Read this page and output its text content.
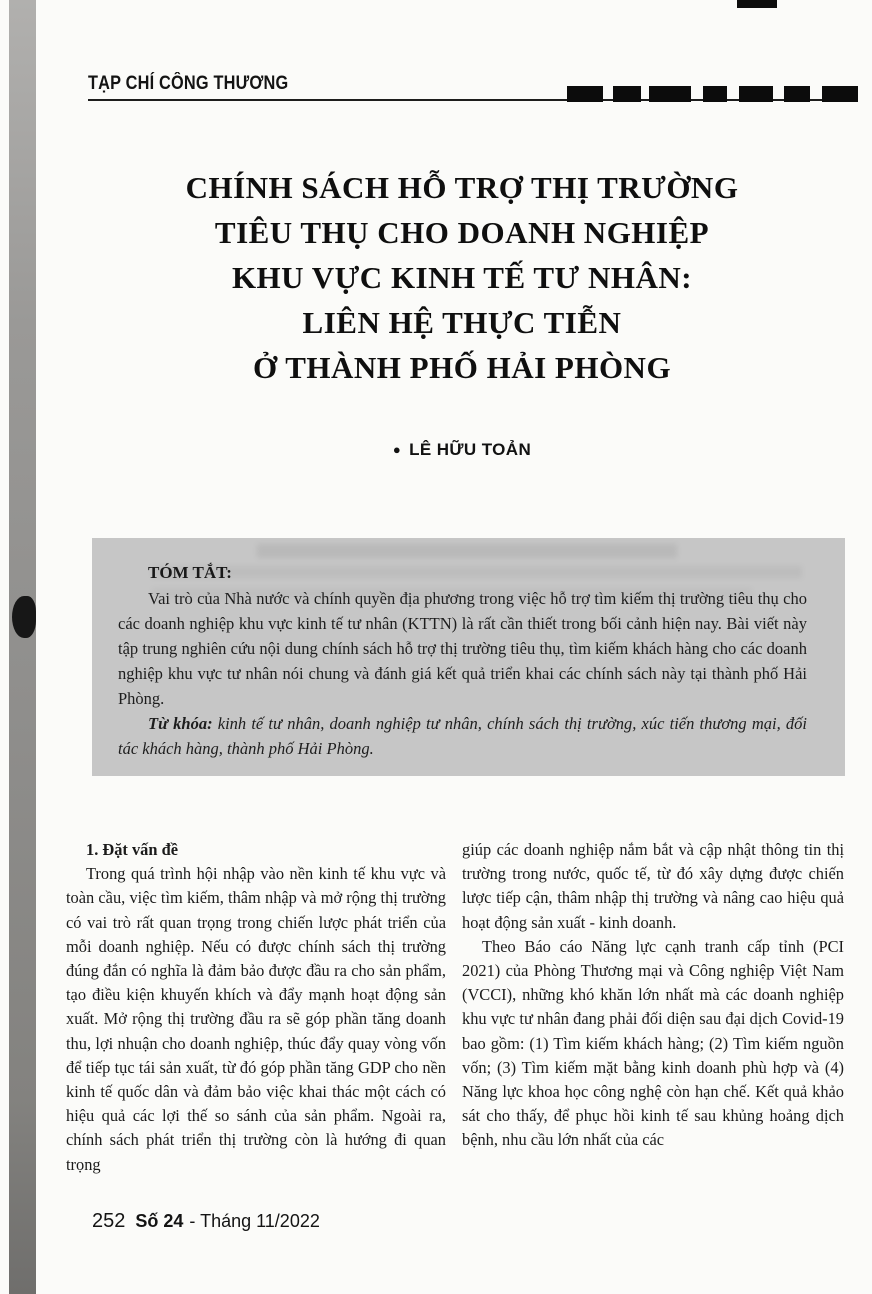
TẠP CHÍ CÔNG THƯƠNG
CHÍNH SÁCH HỖ TRỢ THỊ TRƯỜNG
TIÊU THỤ CHO DOANH NGHIỆP
KHU VỰC KINH TẾ TƯ NHÂN:
LIÊN HỆ THỰC TIỄN
Ở THÀNH PHỐ HẢI PHÒNG
● LÊ HỮU TOẢN

TÓM TẮT:

Vai trò của Nhà nước và chính quyền địa phương trong việc hỗ trợ tìm kiếm thị trường tiêu thụ cho các doanh nghiệp khu vực kinh tế tư nhân (KTTN) là rất cần thiết trong bối cảnh hiện nay. Bài viết này tập trung nghiên cứu nội dung chính sách hỗ trợ thị trường tiêu thụ, tìm kiếm khách hàng cho các doanh nghiệp khu vực tư nhân nói chung và đánh giá kết quả triển khai các chính sách này tại thành phố Hải Phòng.

Từ khóa: kinh tế tư nhân, doanh nghiệp tư nhân, chính sách thị trường, xúc tiến thương mại, đối tác khách hàng, thành phố Hải Phòng.

1. Đặt vấn đề

Trong quá trình hội nhập vào nền kinh tế khu vực và toàn cầu, việc tìm kiếm, thâm nhập và mở rộng thị trường có vai trò rất quan trọng trong chiến lược phát triển của mỗi doanh nghiệp. Nếu có được chính sách thị trường đúng đắn có nghĩa là đảm bảo được đầu ra cho sản phẩm, tạo điều kiện khuyến khích và đẩy mạnh hoạt động sản xuất. Mở rộng thị trường đầu ra sẽ góp phần tăng doanh thu, lợi nhuận cho doanh nghiệp, thúc đẩy quay vòng vốn để tiếp tục tái sản xuất, từ đó góp phần tăng GDP cho nền kinh tế quốc dân và đảm bảo việc khai thác một cách có hiệu quả các lợi thế so sánh của sản phẩm. Ngoài ra, chính sách phát triển thị trường còn là hướng đi quan trọng

giúp các doanh nghiệp nắm bắt và cập nhật thông tin thị trường trong nước, quốc tế, từ đó xây dựng được chiến lược tiếp cận, thâm nhập thị trường và nâng cao hiệu quả hoạt động sản xuất - kinh doanh.

Theo Báo cáo Năng lực cạnh tranh cấp tỉnh (PCI 2021) của Phòng Thương mại và Công nghiệp Việt Nam (VCCI), những khó khăn lớn nhất mà các doanh nghiệp khu vực tư nhân đang phải đối diện sau đại dịch Covid-19 bao gồm: (1) Tìm kiếm khách hàng; (2) Tìm kiếm nguồn vốn; (3) Tìm kiếm mặt bằng kinh doanh phù hợp và (4) Năng lực khoa học công nghệ còn hạn chế. Kết quả khảo sát cho thấy, để phục hồi kinh tế sau khủng hoảng dịch bệnh, nhu cầu lớn nhất của các

252 Số 24 - Tháng 11/2022
